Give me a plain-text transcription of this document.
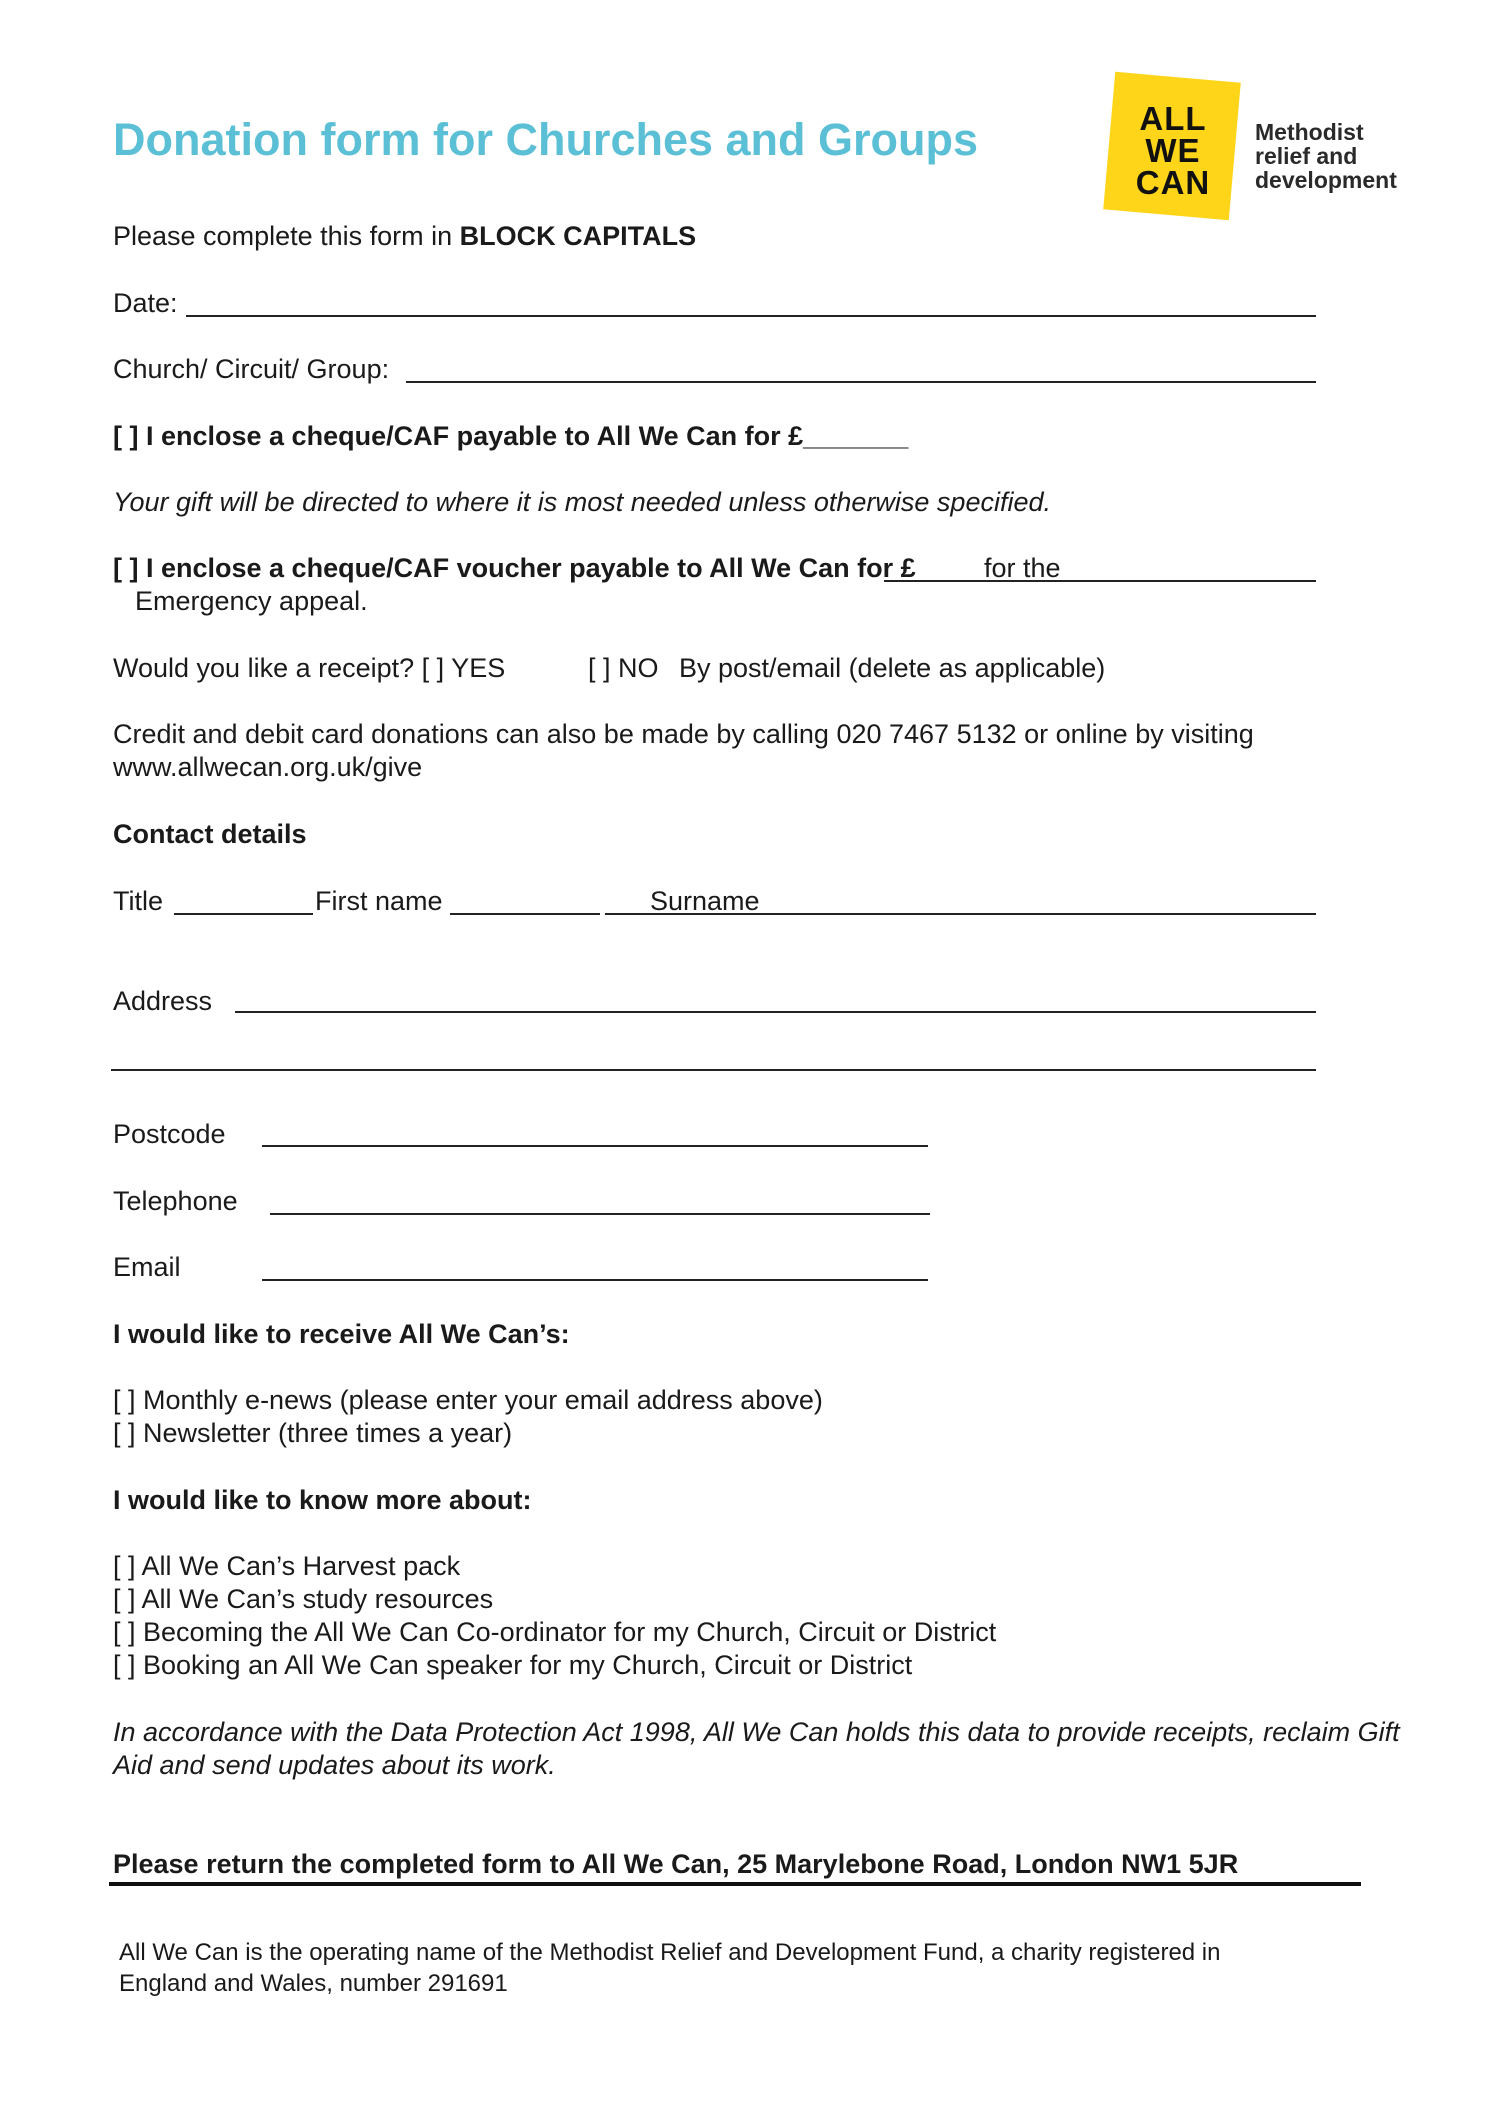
Donation form for Churches and Groups	ALL
WE
CAN
Methodist
relief and
development
Please complete this form in BLOCK CAPITALS
Date:
Church/ Circuit/ Group:
[ ] I enclose a cheque/CAF payable to All We Can for £_______
Your gift will be directed to where it is most needed unless otherwise specified.
[ ] I enclose a cheque/CAF voucher payable to All We Can for £	for the
Emergency appeal.
Would you like a receipt? [ ] YES	[ ] NO By post/email (delete as applicable)
Credit and debit card donations can also be made by calling 020 7467 5132 or online by visiting
www.allwecan.org.uk/give
Contact details
Title	First name	Surname
Address
Postcode
Telephone
Email
I would like to receive All We Can’s:
[ ] Monthly e-news (please enter your email address above)
[ ] Newsletter (three times a year)
I would like to know more about:
[ ] All We Can’s Harvest pack
[ ] All We Can’s study resources
[ ] Becoming the All We Can Co-ordinator for my Church, Circuit or District
[ ] Booking an All We Can speaker for my Church, Circuit or District
In accordance with the Data Protection Act 1998, All We Can holds this data to provide receipts, reclaim Gift
Aid and send updates about its work.
Please return the completed form to All We Can, 25 Marylebone Road, London NW1 5JR
All We Can is the operating name of the Methodist Relief and Development Fund, a charity registered in
England and Wales, number 291691
